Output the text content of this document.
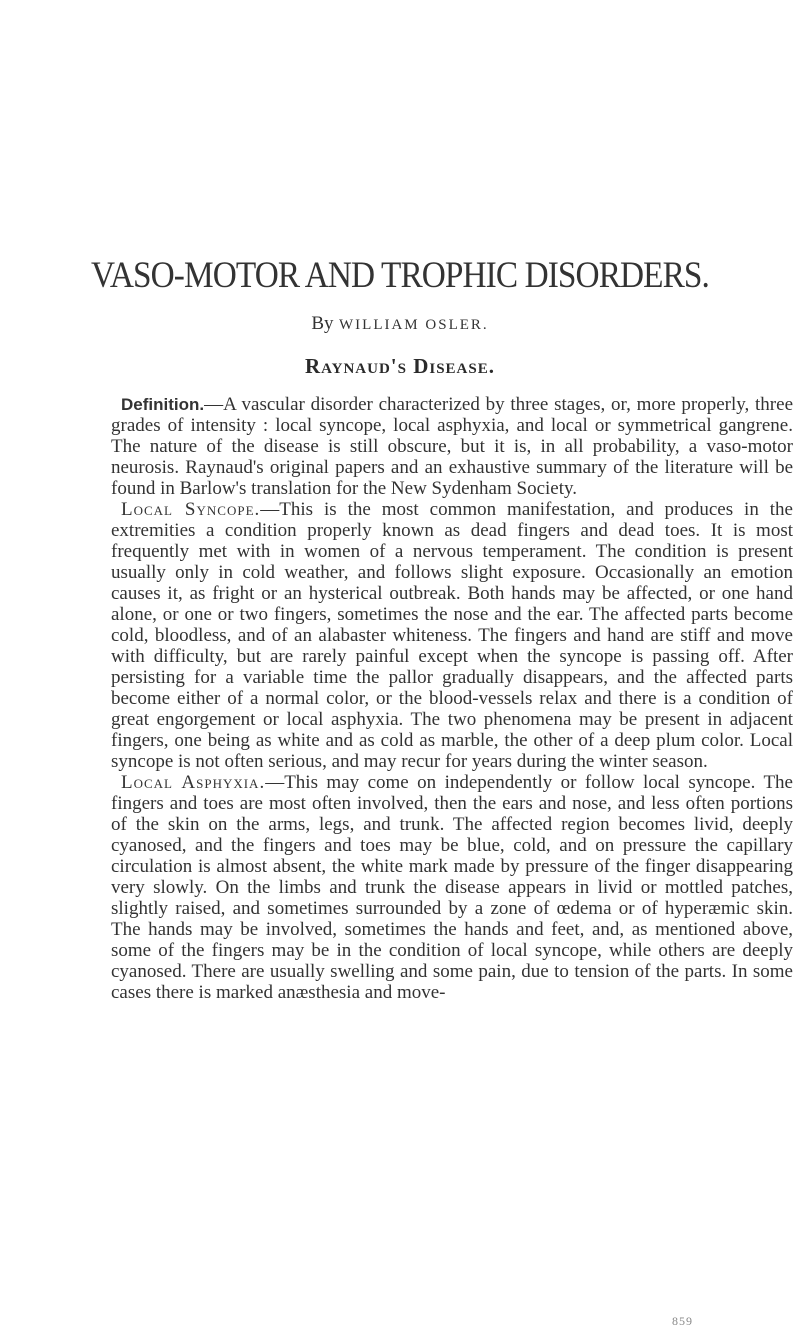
VASO-MOTOR AND TROPHIC DISORDERS.
By WILLIAM OSLER.
Raynaud's Disease.

Definition.—A vascular disorder characterized by three stages, or, more properly, three grades of intensity : local syncope, local asphyxia, and local or symmetrical gangrene. The nature of the disease is still obscure, but it is, in all probability, a vaso-motor neurosis. Raynaud's original papers and an exhaustive summary of the literature will be found in Barlow's translation for the New Sydenham Society.

Local Syncope.—This is the most common manifestation, and produces in the extremities a condition properly known as dead fingers and dead toes. It is most frequently met with in women of a nervous temperament. The condition is present usually only in cold weather, and follows slight exposure. Occasionally an emotion causes it, as fright or an hysterical outbreak. Both hands may be affected, or one hand alone, or one or two fingers, sometimes the nose and the ear. The affected parts become cold, bloodless, and of an alabaster whiteness. The fingers and hand are stiff and move with difficulty, but are rarely painful except when the syncope is passing off. After persisting for a variable time the pallor gradually disappears, and the affected parts become either of a normal color, or the blood-vessels relax and there is a condition of great engorgement or local asphyxia. The two phenomena may be present in adjacent fingers, one being as white and as cold as marble, the other of a deep plum color. Local syncope is not often serious, and may recur for years during the winter season.

Local Asphyxia.—This may come on independently or follow local syncope. The fingers and toes are most often involved, then the ears and nose, and less often portions of the skin on the arms, legs, and trunk. The affected region becomes livid, deeply cyanosed, and the fingers and toes may be blue, cold, and on pressure the capillary circulation is almost absent, the white mark made by pressure of the finger disappearing very slowly. On the limbs and trunk the disease appears in livid or mottled patches, slightly raised, and sometimes surrounded by a zone of œdema or of hyperæmic skin. The hands may be involved, sometimes the hands and feet, and, as mentioned above, some of the fingers may be in the condition of local syncope, while others are deeply cyanosed. There are usually swelling and some pain, due to tension of the parts. In some cases there is marked anæsthesia and move-

859
